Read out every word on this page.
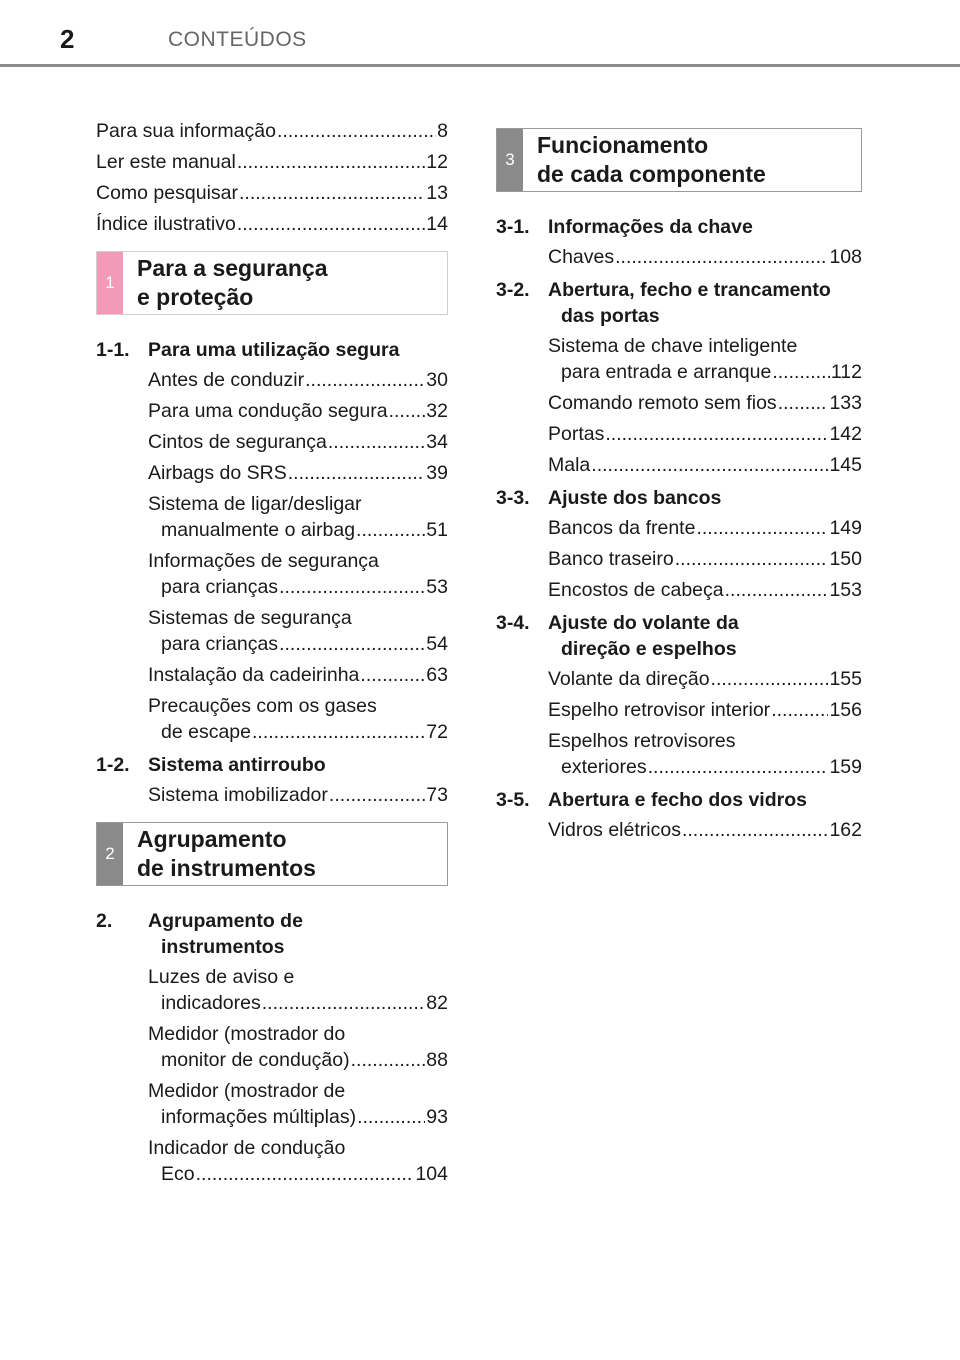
2	CONTEÚDOS
Para sua informação .....	8
Ler este manual .....	12
Como pesquisar .....	13
Índice ilustrativo .....	14
1
Para a segurança
e proteção
1-1. Para uma utilização segura
Antes de conduzir .....	30
Para uma condução segura ..... 32
Cintos de segurança .....	34
Airbags do SRS .....	39
Sistema de ligar/desligar
manualmente o airbag .....	51
Informações de segurança
para crianças .....	53
Sistemas de segurança
para crianças .....	54
Instalação da cadeirinha .....	63
Precauções com os gases
de escape .....	72
1-2. Sistema antirroubo
Sistema imobilizador .....	73
2
Agrupamento
de instrumentos
2.	Agrupamento de
instrumentos
Luzes de aviso e
indicadores .....	82
Medidor (mostrador do
monitor de condução) .....	88
Medidor (mostrador de
informações múltiplas) .....	93
Indicador de condução
Eco .....	104
3
Funcionamento
de cada componente
3-1. Informações da chave
Chaves .....	108
3-2. Abertura, fecho e trancamento
das portas
Sistema de chave inteligente
para entrada e arranque .....	112
Comando remoto sem fios .....	133
Portas .....	142
Mala .....	145
3-3. Ajuste dos bancos
Bancos da frente .....	149
Banco traseiro .....	150
Encostos de cabeça .....	153
3-4. Ajuste do volante da
direção e espelhos
Volante da direção .....	155
Espelho retrovisor interior .....	156
Espelhos retrovisores
exteriores .....	159
3-5. Abertura e fecho dos vidros
Vidros elétricos .....	162
